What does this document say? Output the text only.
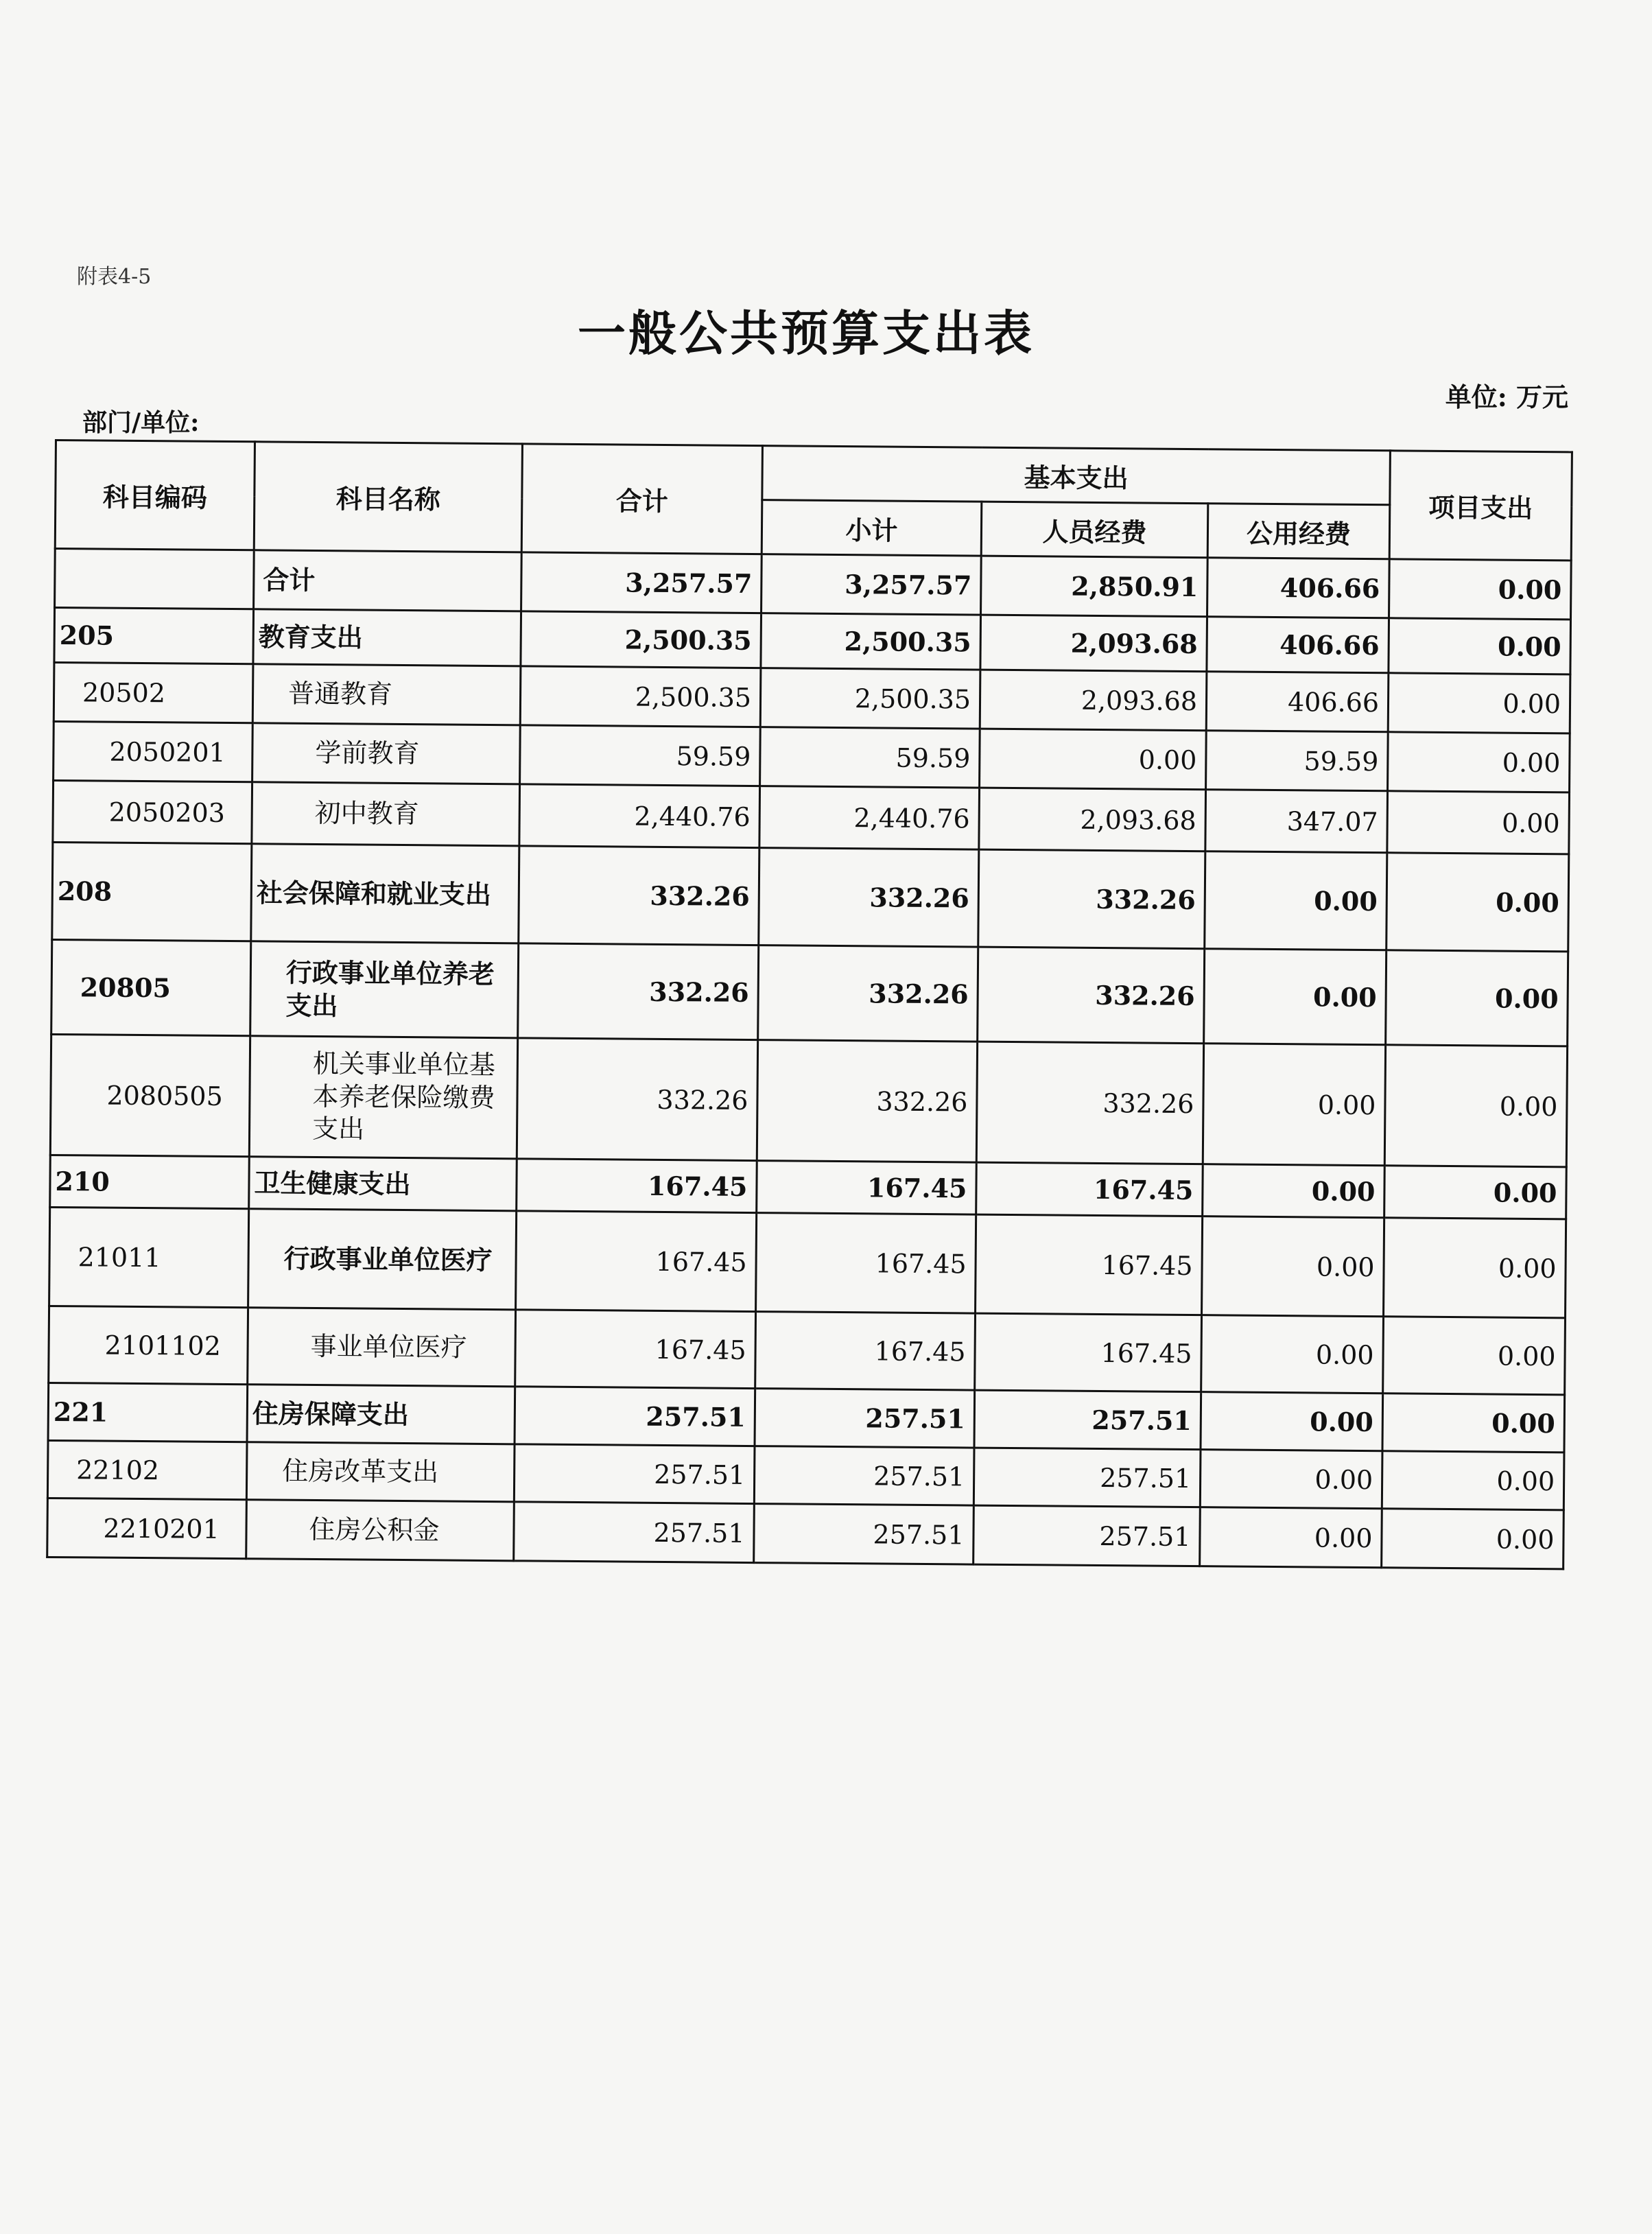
附表4-5
一般公共预算支出表
单位: 万元
部门/单位:
科目编码	科目名称	合计	基本支出			项目支出
			小计	人员经费	公用经费	
	合计	3,257.57	3,257.57	2,850.91	406.66	0.00
205	教育支出	2,500.35	2,500.35	2,093.68	406.66	0.00
20502	普通教育	2,500.35	2,500.35	2,093.68	406.66	0.00
2050201	学前教育	59.59	59.59	0.00	59.59	0.00
2050203	初中教育	2,440.76	2,440.76	2,093.68	347.07	0.00
208	社会保障和就业支出	332.26	332.26	332.26	0.00	0.00
20805	行政事业单位养老支出	332.26	332.26	332.26	0.00	0.00
2080505	机关事业单位基本养老保险缴费支出	332.26	332.26	332.26	0.00	0.00
210	卫生健康支出	167.45	167.45	167.45	0.00	0.00
21011	行政事业单位医疗	167.45	167.45	167.45	0.00	0.00
2101102	事业单位医疗	167.45	167.45	167.45	0.00	0.00
221	住房保障支出	257.51	257.51	257.51	0.00	0.00
22102	住房改革支出	257.51	257.51	257.51	0.00	0.00
2210201	住房公积金	257.51	257.51	257.51	0.00	0.00
